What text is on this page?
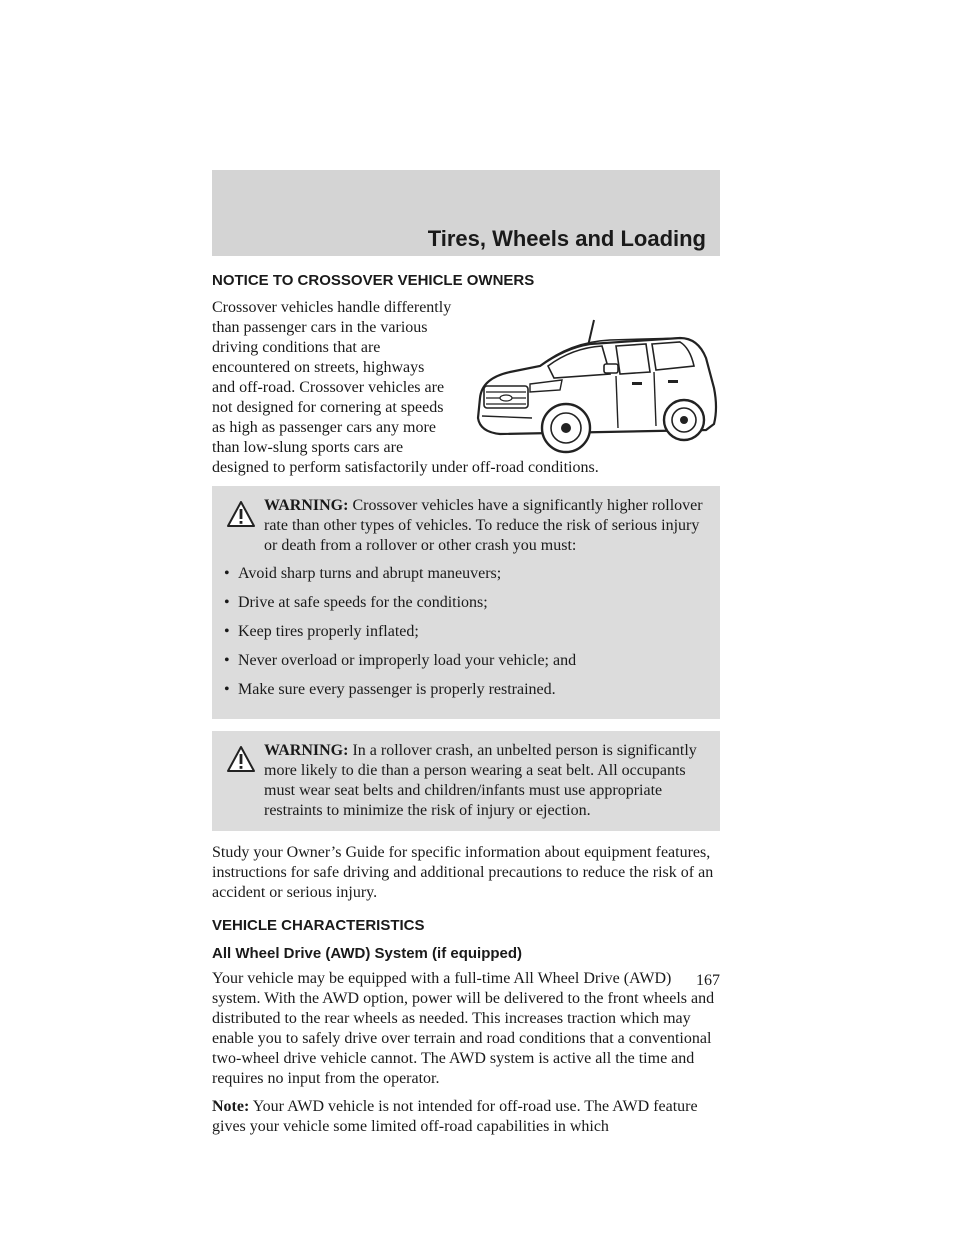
Tires, Wheels and Loading
NOTICE TO CROSSOVER VEHICLE OWNERS
Crossover vehicles handle differently
than passenger cars in the various
driving conditions that are
encountered on streets, highways
and off-road. Crossover vehicles are
not designed for cornering at speeds
as high as passenger cars any more
than low-slung sports cars are
designed to perform satisfactorily under off-road conditions.
WARNING: Crossover vehicles have a significantly higher rollover rate than other types of vehicles. To reduce the risk of serious injury or death from a rollover or other crash you must:
• Avoid sharp turns and abrupt maneuvers;
• Drive at safe speeds for the conditions;
• Keep tires properly inflated;
• Never overload or improperly load your vehicle; and
• Make sure every passenger is properly restrained.
WARNING: In a rollover crash, an unbelted person is significantly more likely to die than a person wearing a seat belt. All occupants must wear seat belts and children/infants must use appropriate restraints to minimize the risk of injury or ejection.

Study your Owner’s Guide for specific information about equipment features, instructions for safe driving and additional precautions to reduce the risk of an accident or serious injury.

VEHICLE CHARACTERISTICS
All Wheel Drive (AWD) System (if equipped)

Your vehicle may be equipped with a full-time All Wheel Drive (AWD) system. With the AWD option, power will be delivered to the front wheels and distributed to the rear wheels as needed. This increases traction which may enable you to safely drive over terrain and road conditions that a conventional two-wheel drive vehicle cannot. The AWD system is active all the time and requires no input from the operator.

Note: Your AWD vehicle is not intended for off-road use. The AWD feature gives your vehicle some limited off-road capabilities in which

167
